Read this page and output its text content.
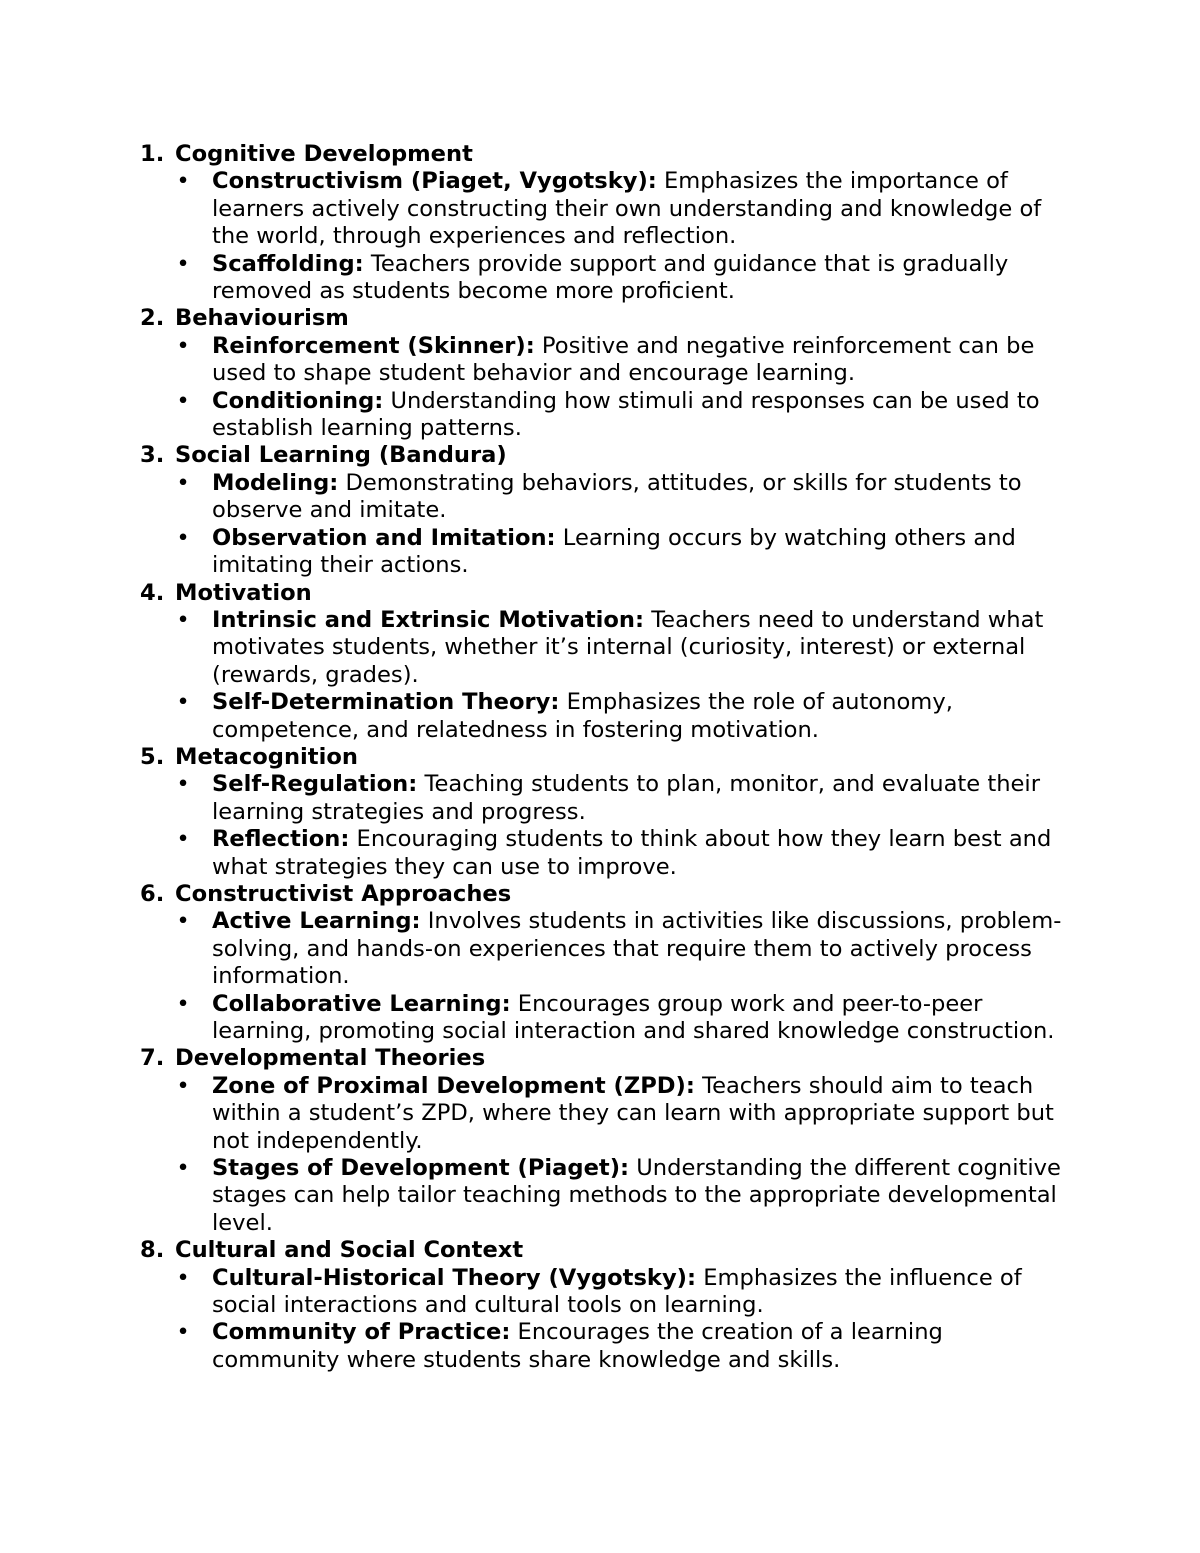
1. Cognitive Development
• Constructivism (Piaget, Vygotsky): Emphasizes the importance of learners actively constructing their own understanding and knowledge of the world, through experiences and reflection.
• Scaffolding: Teachers provide support and guidance that is gradually removed as students become more proficient.
2. Behaviourism
• Reinforcement (Skinner): Positive and negative reinforcement can be used to shape student behavior and encourage learning.
• Conditioning: Understanding how stimuli and responses can be used to establish learning patterns.
3. Social Learning (Bandura)
• Modeling: Demonstrating behaviors, attitudes, or skills for students to observe and imitate.
• Observation and Imitation: Learning occurs by watching others and imitating their actions.
4. Motivation
• Intrinsic and Extrinsic Motivation: Teachers need to understand what motivates students, whether it’s internal (curiosity, interest) or external (rewards, grades).
• Self-Determination Theory: Emphasizes the role of autonomy, competence, and relatedness in fostering motivation.
5. Metacognition
• Self-Regulation: Teaching students to plan, monitor, and evaluate their learning strategies and progress.
• Reflection: Encouraging students to think about how they learn best and what strategies they can use to improve.
6. Constructivist Approaches
• Active Learning: Involves students in activities like discussions, problem-solving, and hands-on experiences that require them to actively process information.
• Collaborative Learning: Encourages group work and peer-to-peer learning, promoting social interaction and shared knowledge construction.
7. Developmental Theories
• Zone of Proximal Development (ZPD): Teachers should aim to teach within a student’s ZPD, where they can learn with appropriate support but not independently.
• Stages of Development (Piaget): Understanding the different cognitive stages can help tailor teaching methods to the appropriate developmental level.
8. Cultural and Social Context
• Cultural-Historical Theory (Vygotsky): Emphasizes the influence of social interactions and cultural tools on learning.
• Community of Practice: Encourages the creation of a learning community where students share knowledge and skills.
